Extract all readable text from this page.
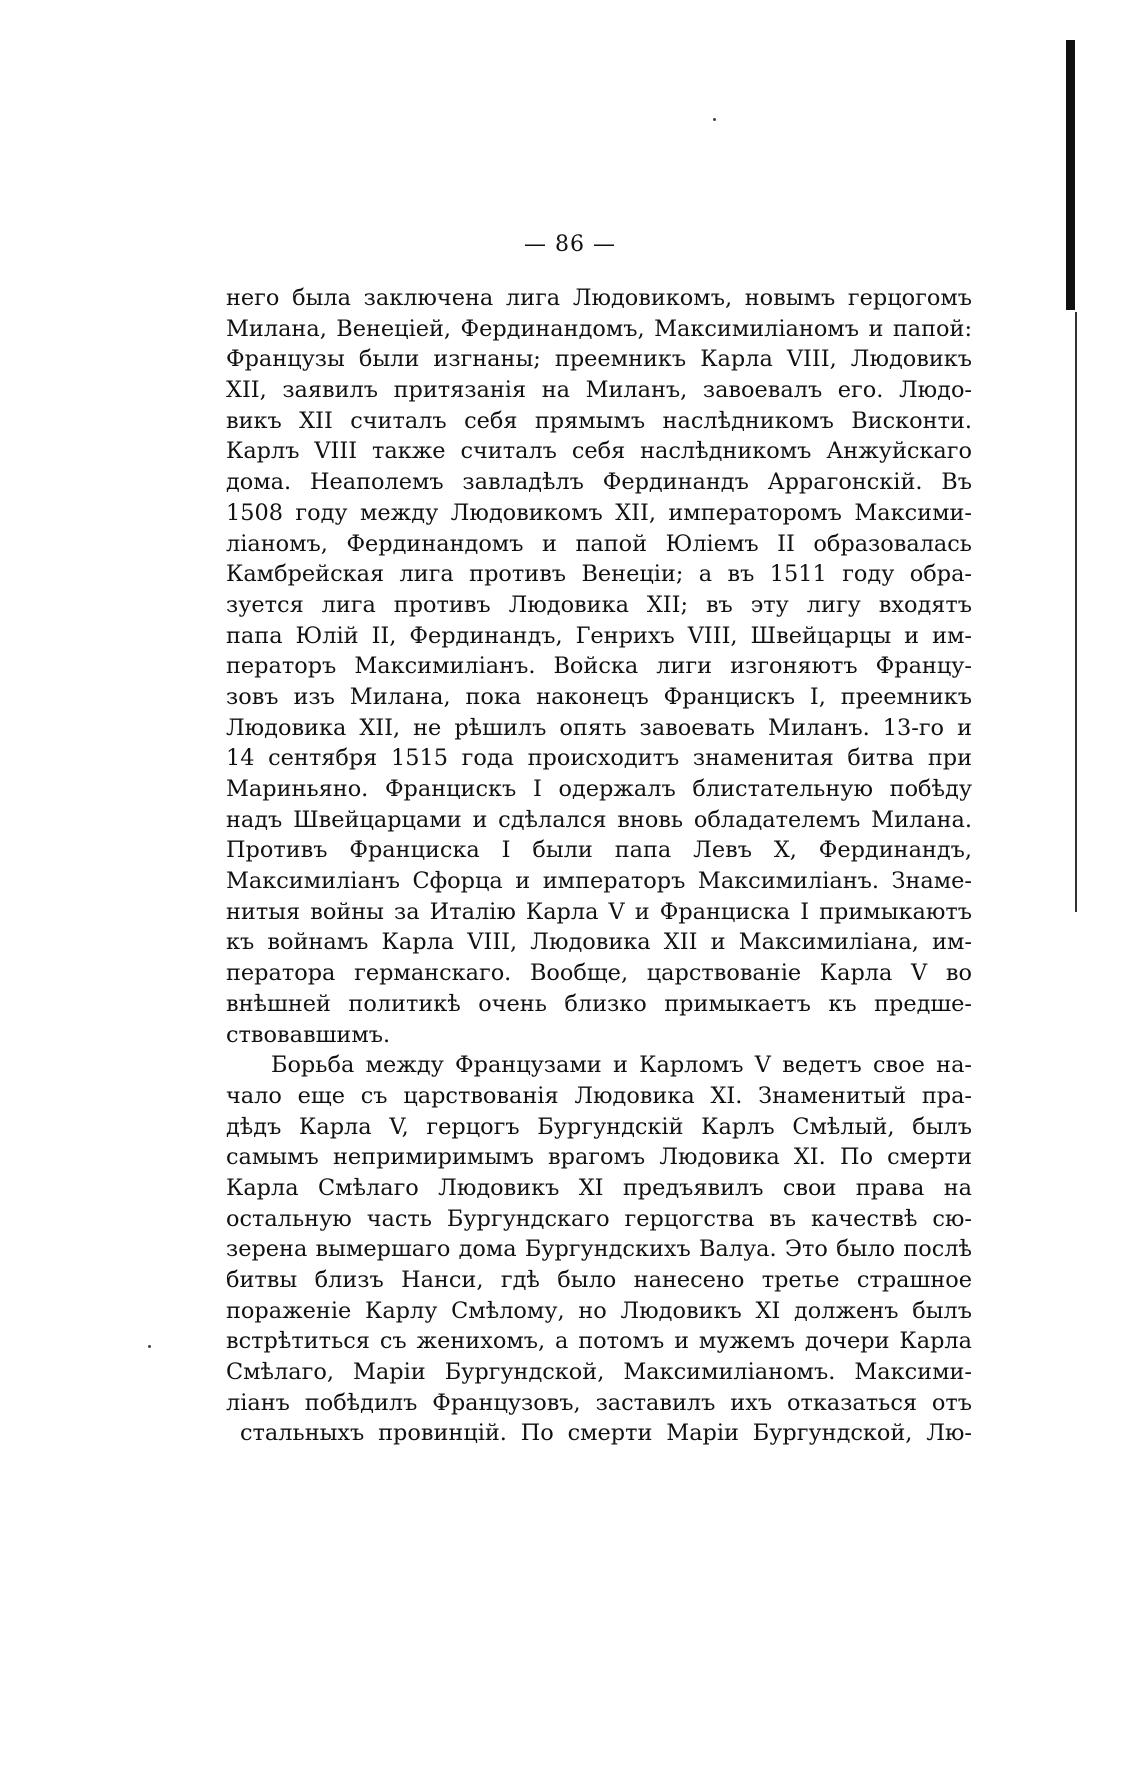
— 86 —
него была заключена лига Людовикомъ, новымъ герцогомъ
Милана, Венеціей, Фердинандомъ, Максимиліаномъ и папой:
Французы были изгнаны; преемникъ Карла VIII, Людовикъ
XII, заявилъ притязанія на Миланъ, завоевалъ его. Людо-
викъ XII считалъ себя прямымъ наслѣдникомъ Висконти.
Карлъ VIII также считалъ себя наслѣдникомъ Анжуйскаго
дома. Неаполемъ завладѣлъ Фердинандъ Аррагонскій. Въ
1508 году между Людовикомъ XII, императоромъ Максими-
ліаномъ, Фердинандомъ и папой Юліемъ II образовалась
Камбрейская лига противъ Венеціи; а въ 1511 году обра-
зуется лига противъ Людовика XII; въ эту лигу входятъ
папа Юлій II, Фердинандъ, Генрихъ VIII, Швейцарцы и им-
ператоръ Максимиліанъ. Войска лиги изгоняютъ Францу-
зовъ изъ Милана, пока наконецъ Францискъ I, преемникъ
Людовика XII, не рѣшилъ опять завоевать Миланъ. 13-го и
14 сентября 1515 года происходитъ знаменитая битва при
Мариньяно. Францискъ I одержалъ блистательную побѣду
надъ Швейцарцами и сдѣлался вновь обладателемъ Милана.
Противъ Франциска I были папа Левъ X, Фердинандъ,
Максимиліанъ Сфорца и императоръ Максимиліанъ. Знаме-
нитыя войны за Италію Карла V и Франциска I примыкаютъ
къ войнамъ Карла VIII, Людовика XII и Максимиліана, им-
ператора германскаго. Вообще, царствованіе Карла V во
внѣшней политикѣ очень близко примыкаетъ къ предше-
ствовавшимъ.
Борьба между Французами и Карломъ V ведетъ свое на-
чало еще съ царствованія Людовика XI. Знаменитый пра-
дѣдъ Карла V, герцогъ Бургундскій Карлъ Смѣлый, былъ
самымъ непримиримымъ врагомъ Людовика XI. По смерти
Карла Смѣлаго Людовикъ XI предъявилъ свои права на
остальную часть Бургундскаго герцогства въ качествѣ сю-
зерена вымершаго дома Бургундскихъ Валуа. Это было послѣ
битвы близъ Нанси, гдѣ было нанесено третье страшное
пораженіе Карлу Смѣлому, но Людовикъ XI долженъ былъ
встрѣтиться съ женихомъ, а потомъ и мужемъ дочери Карла
Смѣлаго, Маріи Бургундской, Максимиліаномъ. Максими-
ліанъ побѣдилъ Французовъ, заставилъ ихъ отказаться отъ
стальныхъ провинцій. По смерти Маріи Бургундской, Лю-
